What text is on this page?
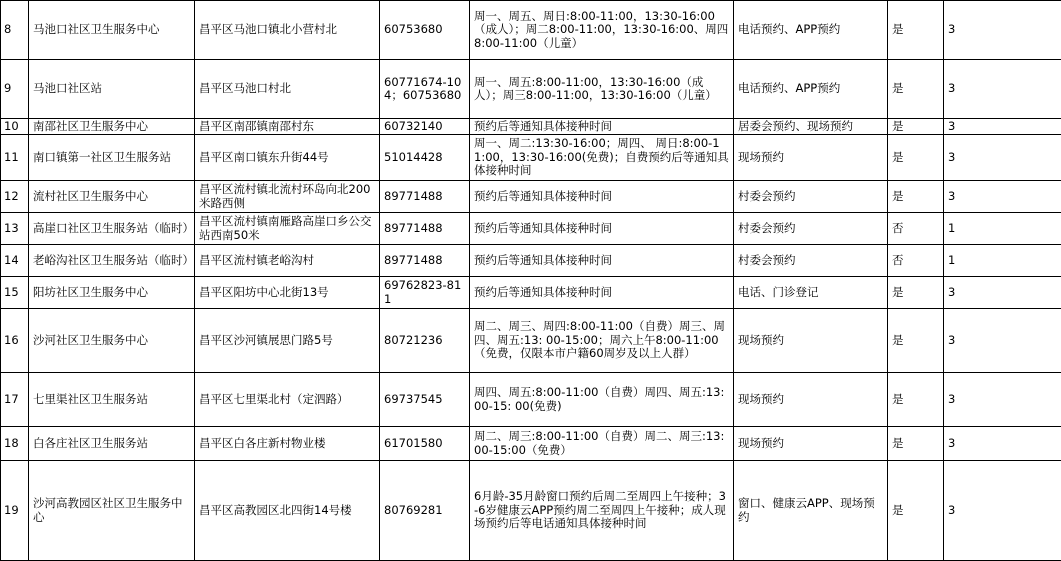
8	马池口社区卫生服务中心	昌平区马池口镇北小营村北	60753680	周一、周五、周日:8:00-11:00，13:30-16:00（成人）；周二8:00-11:00，13:30-16:00、周四8:00-11:00（儿童）	电话预约、APP预约	是	3
9	马池口社区站	昌平区马池口村北	60771674-104；60753680	周一、周五:8:00-11:00，13:30-16:00（成人）；周三8:00-11:00，13:30-16:00（儿童）	电话预约、APP预约	是	3
10	南邵社区卫生服务中心	昌平区南邵镇南邵村东	60732140	预约后等通知具体接种时间	居委会预约、现场预约	是	3
11	南口镇第一社区卫生服务站	昌平区南口镇东升街44号	51014428	周一、周二:13:30-16:00；周四、 周日:8:00-11:00，13:30-16:00(免费)；自费预约后等通知具体接种时间	现场预约	是	3
12	流村社区卫生服务中心	昌平区流村镇北流村环岛向北200米路西侧	89771488	预约后等通知具体接种时间	村委会预约	是	3
13	高崖口社区卫生服务站（临时）	昌平区流村镇南雁路高崖口乡公交站西南50米	89771488	预约后等通知具体接种时间	村委会预约	否	1
14	老峪沟社区卫生服务站（临时）	昌平区流村镇老峪沟村	89771488	预约后等通知具体接种时间	村委会预约	否	1
15	阳坊社区卫生服务中心	昌平区阳坊中心北街13号	69762823-811	预约后等通知具体接种时间	电话、门诊登记	是	3
16	沙河社区卫生服务中心	昌平区沙河镇展思门路5号	80721236	周二、周三、周四:8:00-11:00（自费）周三、周四、周五:13: 00-15:00；周六上午8:00-11:00（免费，仅限本市户籍60周岁及以上人群）	现场预约	是	3
17	七里渠社区卫生服务站	昌平区七里渠北村（定泗路）	69737545	周四、周五:8:00-11:00（自费）周四、周五:13: 00-15: 00(免费)	现场预约	是	3
18	白各庄社区卫生服务站	昌平区白各庄新村物业楼	61701580	周二、周三:8:00-11:00（自费）周二、周三:13:00-15:00（免费）	现场预约	是	3
19	沙河高教园区社区卫生服务中心	昌平区高教园区北四街14号楼	80769281	6月龄-35月龄窗口预约后周二至周四上午接种；3-6岁健康云APP预约周二至周四上午接种；成人现场预约后等电话通知具体接种时间	窗口、健康云APP、现场预约	是	3
